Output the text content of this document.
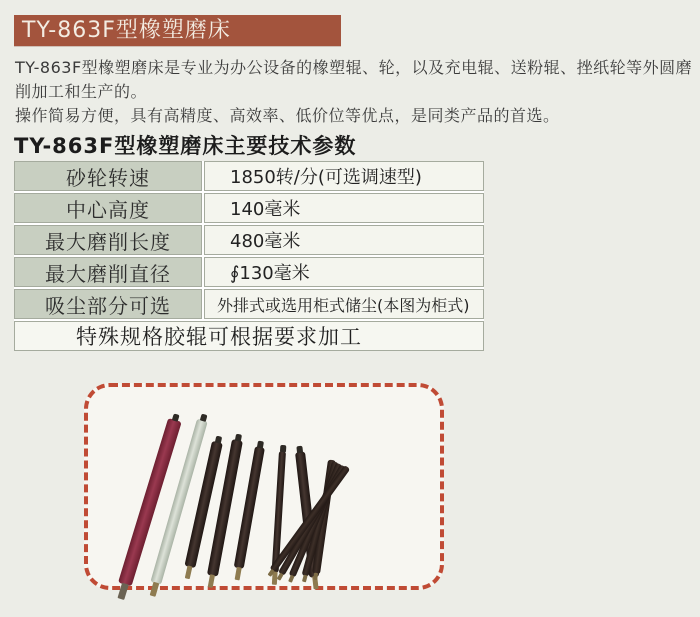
TY-863F型橡塑磨床
TY-863F型橡塑磨床是专业为办公设备的橡塑辊、轮，以及充电辊、送粉辊、挫纸轮等外圆磨
削加工和生产的。
操作简易方便，具有高精度、高效率、低价位等优点，是同类产品的首选。
TY-863F型橡塑磨床主要技术参数
砂轮转速	1850转/分(可选调速型)
中心高度	140毫米
最大磨削长度	480毫米
最大磨削直径	∮130毫米
吸尘部分可选	外排式或选用柜式储尘(本图为柜式)
特殊规格胶辊可根据要求加工
